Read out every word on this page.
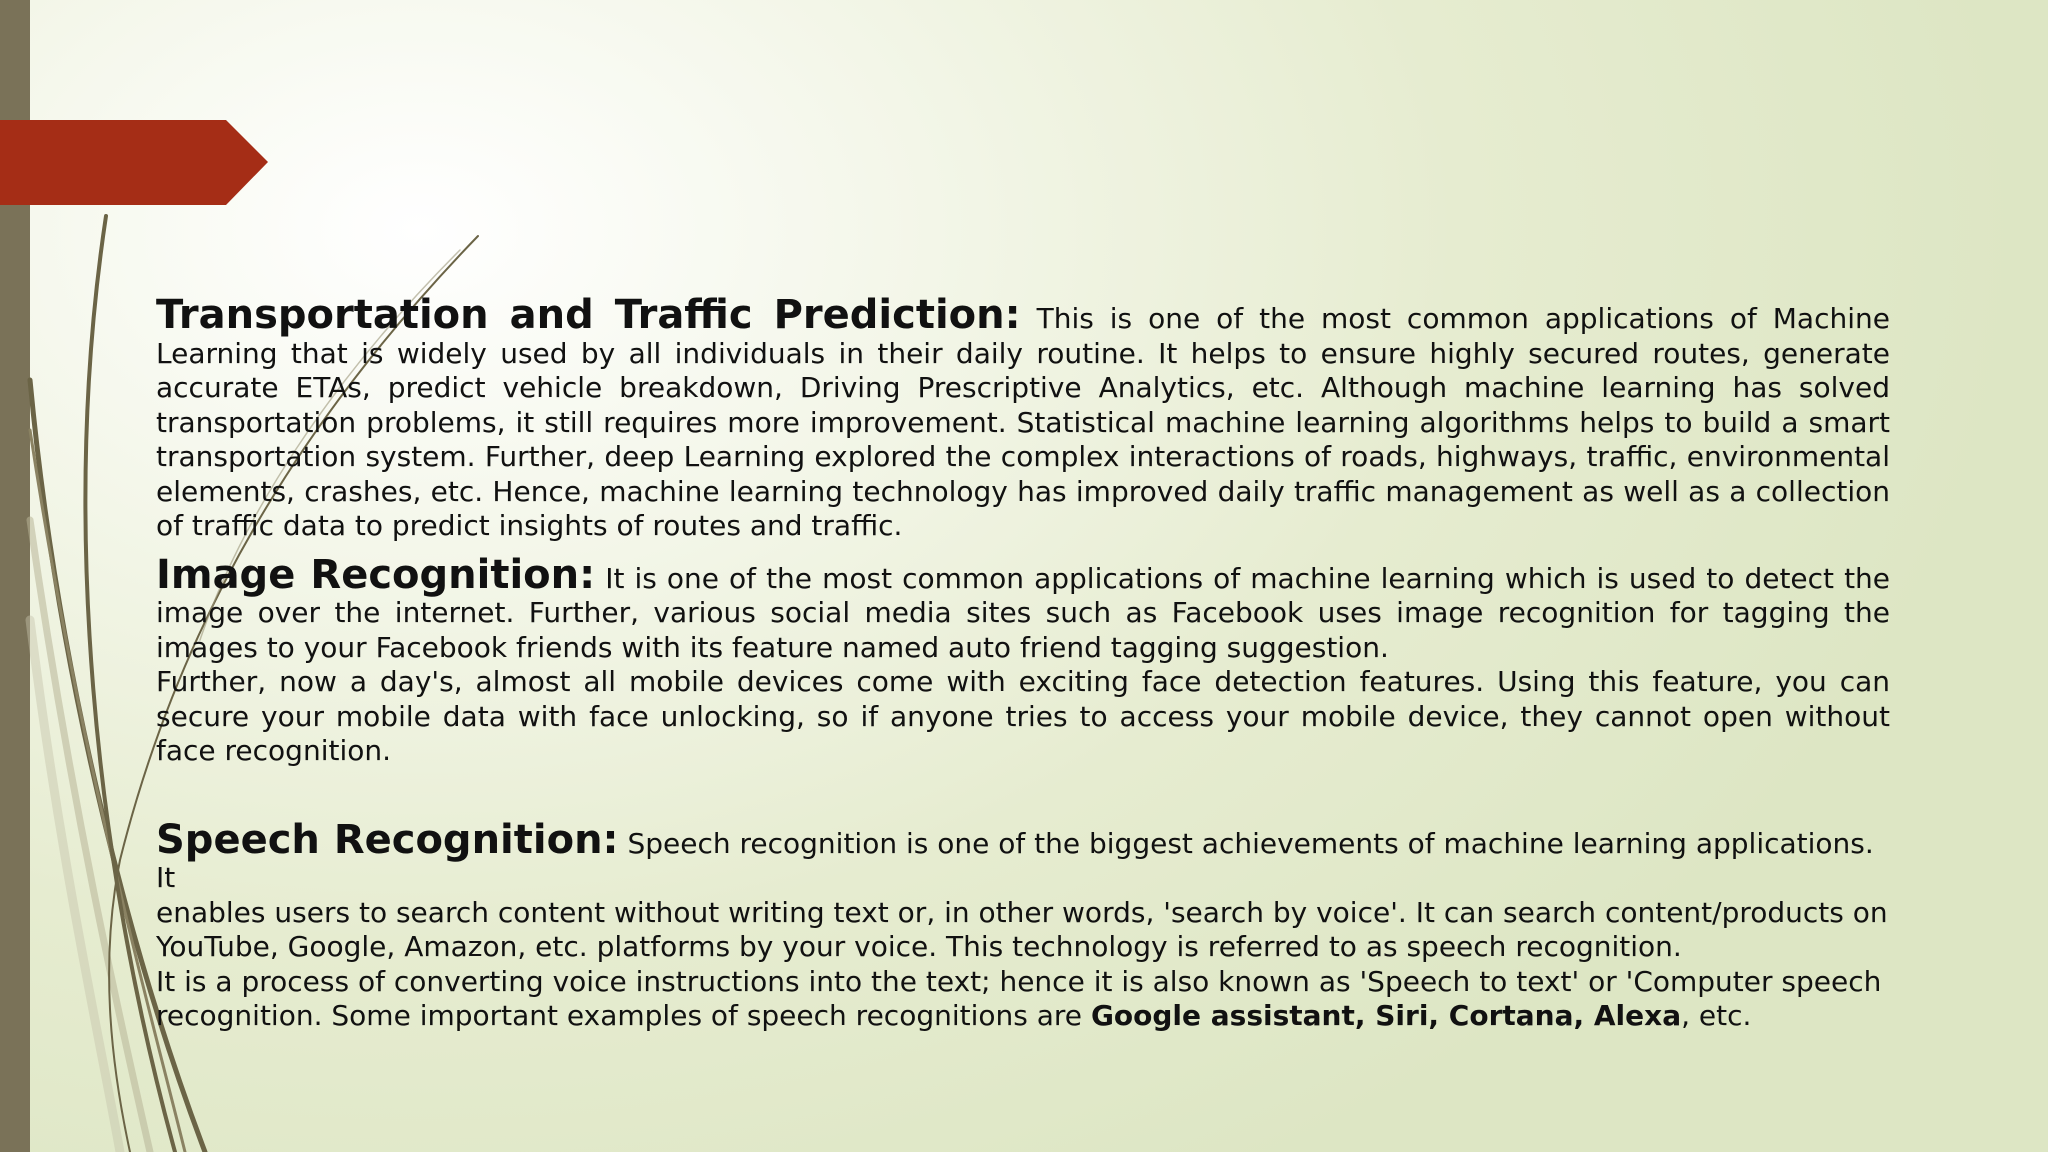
Transportation and Traffic Prediction: This is one of the most common applications of Machine Learning that is widely used by all individuals in their daily routine. It helps to ensure highly secured routes, generate accurate ETAs, predict vehicle breakdown, Driving Prescriptive Analytics, etc. Although machine learning has solved transportation problems, it still requires more improvement. Statistical machine learning algorithms helps to build a smart transportation system. Further, deep Learning explored the complex interactions of roads, highways, traffic, environmental elements, crashes, etc. Hence, machine learning technology has improved daily traffic management as well as a collection of traffic data to predict insights of routes and traffic.

Image Recognition: It is one of the most common applications of machine learning which is used to detect the image over the internet. Further, various social media sites such as Facebook uses image recognition for tagging the images to your Facebook friends with its feature named auto friend tagging suggestion.
Further, now a day's, almost all mobile devices come with exciting face detection features. Using this feature, you can secure your mobile data with face unlocking, so if anyone tries to access your mobile device, they cannot open without face recognition.

Speech Recognition: Speech recognition is one of the biggest achievements of machine learning applications. It
enables users to search content without writing text or, in other words, 'search by voice'. It can search content/products on
YouTube, Google, Amazon, etc. platforms by your voice. This technology is referred to as speech recognition.
It is a process of converting voice instructions into the text; hence it is also known as 'Speech to text' or 'Computer speech
recognition. Some important examples of speech recognitions are Google assistant, Siri, Cortana, Alexa, etc.
